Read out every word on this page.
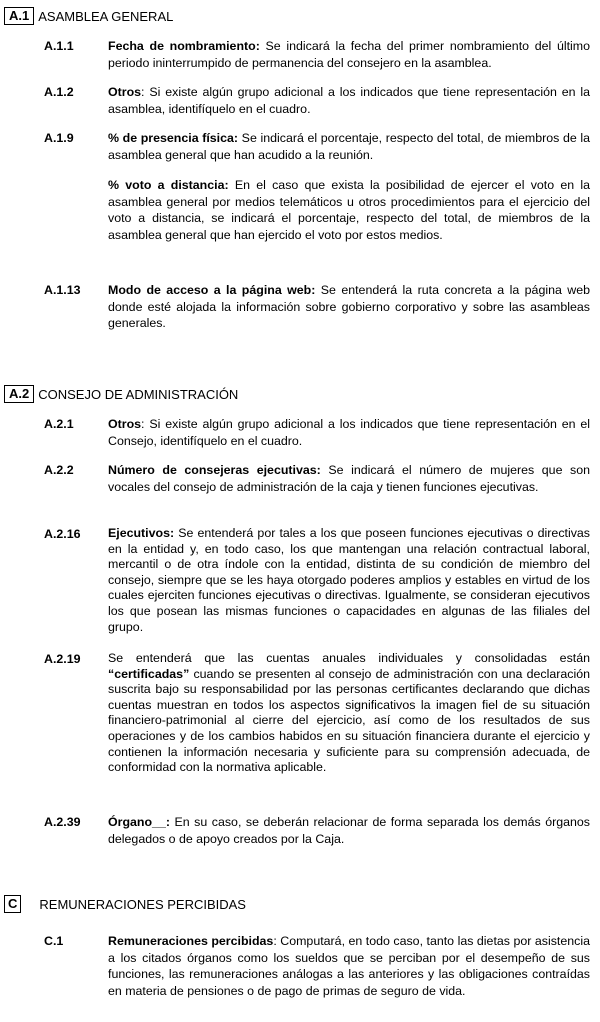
A.1 ASAMBLEA GENERAL
A.1.1	Fecha de nombramiento: Se indicará la fecha del primer nombramiento del último periodo ininterrumpido de permanencia del consejero en la asamblea.
A.1.2	Otros: Si existe algún grupo adicional a los indicados que tiene representación en la asamblea, identifíquelo en el cuadro.
A.1.9	% de presencia física: Se indicará el porcentaje, respecto del total, de miembros de la asamblea general que han acudido a la reunión.
% voto a distancia: En el caso que exista la posibilidad de ejercer el voto en la asamblea general por medios telemáticos u otros procedimientos para el ejercicio del voto a distancia, se indicará el porcentaje, respecto del total, de miembros de la asamblea general que han ejercido el voto por estos medios.
A.1.13	Modo de acceso a la página web: Se entenderá la ruta concreta a la página web donde esté alojada la información sobre gobierno corporativo y sobre las asambleas generales.
A.2 CONSEJO DE ADMINISTRACIÓN
A.2.1	Otros: Si existe algún grupo adicional a los indicados que tiene representación en el Consejo, identifíquelo en el cuadro.
A.2.2	Número de consejeras ejecutivas: Se indicará el número de mujeres que son vocales del consejo de administración de la caja y tienen funciones ejecutivas.
A.2.16	Ejecutivos: Se entenderá por tales a los que poseen funciones ejecutivas o directivas en la entidad y, en todo caso, los que mantengan una relación contractual laboral, mercantil o de otra índole con la entidad, distinta de su condición de miembro del consejo, siempre que se les haya otorgado poderes amplios y estables en virtud de los cuales ejerciten funciones ejecutivas o directivas. Igualmente, se consideran ejecutivos los que posean las mismas funciones o capacidades en algunas de las filiales del grupo.
A.2.19	Se entenderá que las cuentas anuales individuales y consolidadas están “certificadas” cuando se presenten al consejo de administración con una declaración suscrita bajo su responsabilidad por las personas certificantes declarando que dichas cuentas muestran en todos los aspectos significativos la imagen fiel de su situación financiero-patrimonial al cierre del ejercicio, así como de los resultados de sus operaciones y de los cambios habidos en su situación financiera durante el ejercicio y contienen la información necesaria y suficiente para su comprensión adecuada, de conformidad con la normativa aplicable.
A.2.39	Órgano__: En su caso, se deberán relacionar de forma separada los demás órganos delegados o de apoyo creados por la Caja.
C	REMUNERACIONES PERCIBIDAS
C.1	Remuneraciones percibidas: Computará, en todo caso, tanto las dietas por asistencia a los citados órganos como los sueldos que se perciban por el desempeño de sus funciones, las remuneraciones análogas a las anteriores y las obligaciones contraídas en materia de pensiones o de pago de primas de seguro de vida.
